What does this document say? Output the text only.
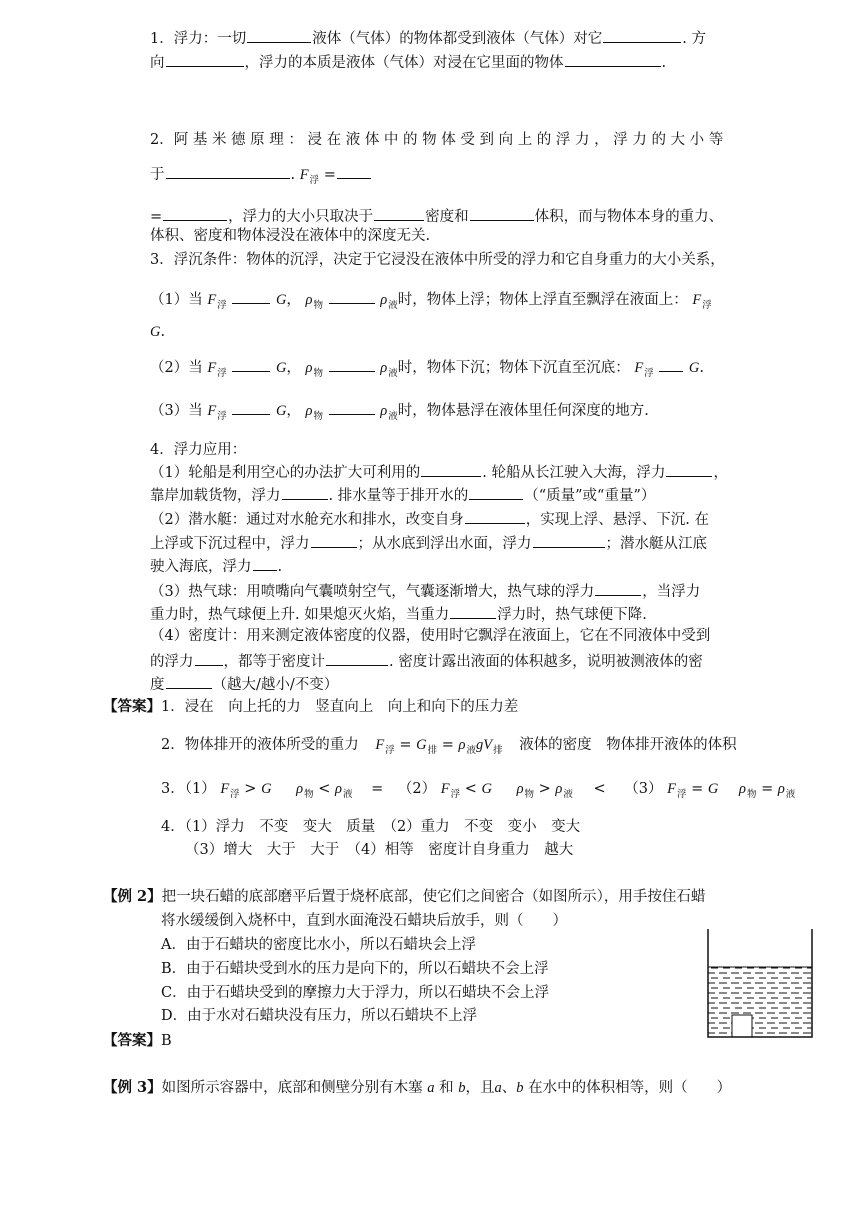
1．浮力：一切	液体（气体）的物体都受到液体（气体）对它	. 方
向	，浮力的本质是液体（气体）对浸在它里面的物体	.
2．阿 基 米 德 原 理 ： 浸 在 液 体 中 的 物 体 受 到 向 上 的 浮 力 ， 浮 力 的 大 小 等
于	. $F_浮$ =
=	，浮力的大小只取决于	密度和	体积，而与物体本身的重力、
体积、密度和物体浸没在液体中的深度无关.
3．浮沉条件：物体的沉浮，决定于它浸没在液体中所受的浮力和它自身重力的大小关系，
（1）当 $F_浮$	G， $\rho_物$	$\rho_液$时，物体上浮；物体上浮直至飘浮在液面上： $F_浮$
G.
（2）当 $F_浮$	G， $\rho_物$	$\rho_液$时，物体下沉；物体下沉直至沉底： $F_浮$ G.
（3）当 $F_浮$	G， $\rho_物$	$\rho_液$时，物体悬浮在液体里任何深度的地方.
4．浮力应用：
（1）轮船是利用空心的办法扩大可利用的	. 轮船从长江驶入大海，浮力	，
靠岸加载货物，浮力	. 排水量等于排开水的	（“质量”或“重量”）
（2）潜水艇：通过对水舱充水和排水，改变自身	，实现上浮、悬浮、下沉. 在
上浮或下沉过程中，浮力	；从水底到浮出水面，浮力	；潜水艇从江底
驶入海底，浮力 .
（3）热气球：用喷嘴向气囊喷射空气，气囊逐渐增大，热气球的浮力	，当浮力
重力时，热气球便上升. 如果熄灭火焰，当重力	浮力时，热气球便下降.
（4）密度计：用来测定液体密度的仪器，使用时它飘浮在液面上，它在不同液体中受到
的浮力 ，都等于密度计	. 密度计露出液面的体积越多，说明被测液体的密
度	（越大/越小/不变）
【答案】1．浸在　向上托的力　竖直向上　向上和向下的压力差
2．物体排开的液体所受的重力 $F_浮 = G_排 = \rho_液gV_排$ 液体的密度　物体排开液体的体积
3．（1） $F_浮 > G$ $\rho_物 < \rho_液 = (2) F_浮 < G$ $\rho_物 > \rho_液 < (3) F_浮 = G$ $\rho_物 = \rho_液$
4．（1）浮力　不变　变大　质量　（2）重力　不变　变小　变大
（3）增大　大于　大于　（4）相等　密度计自身重力　越大
【例 2】把一块石蜡的底部磨平后置于烧杯底部，使它们之间密合（如图所示），用手按住石蜡
将水缓缓倒入烧杯中，直到水面淹没石蜡块后放手，则（　　）
A．由于石蜡块的密度比水小，所以石蜡块会上浮
B．由于石蜡块受到水的压力是向下的，所以石蜡块不会上浮
C．由于石蜡块受到的摩擦力大于浮力，所以石蜡块不会上浮
D．由于水对石蜡块没有压力，所以石蜡块不上浮
【答案】B
【例 3】如图所示容器中，底部和侧壁分别有木塞 a 和 b，且a、b 在水中的体积相等，则（　　）
